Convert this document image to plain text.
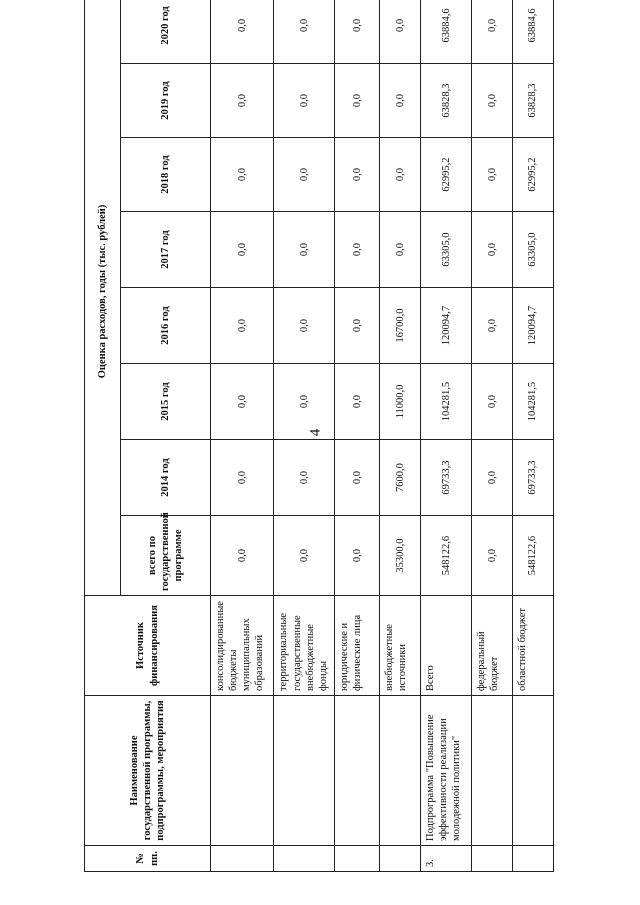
4
№ пп.	Наименование государственной программы, подпрограммы, мероприятия	Источник финансирования	Оценка расходов, годы (тыс. рублей)							
			всего по государственной программе	2014 год	2015 год	2016 год	2017 год	2018 год	2019 год	2020 год
		консолидированные бюджеты муниципальных образований	0,0	0,0	0,0	0,0	0,0	0,0	0,0	0,0
		территориальные государственные внебюджетные фонды	0,0	0,0	0,0	0,0	0,0	0,0	0,0	0,0
		юридические и физические лица	0,0	0,0	0,0	0,0	0,0	0,0	0,0	0,0
		внебюджетные источники	35300,0	7600,0	11000,0	16700,0	0,0	0,0	0,0	0,0
3.	Подпрограмма "Повышение эффективности реализации молодежной политики"	Всего	548122,6	69733,3	104281,5	120094,7	63305,0	62995,2	63828,3	63884,6
		федеральный бюджет	0,0	0,0	0,0	0,0	0,0	0,0	0,0	0,0
		областной бюджет	548122,6	69733,3	104281,5	120094,7	63305,0	62995,2	63828,3	63884,6
